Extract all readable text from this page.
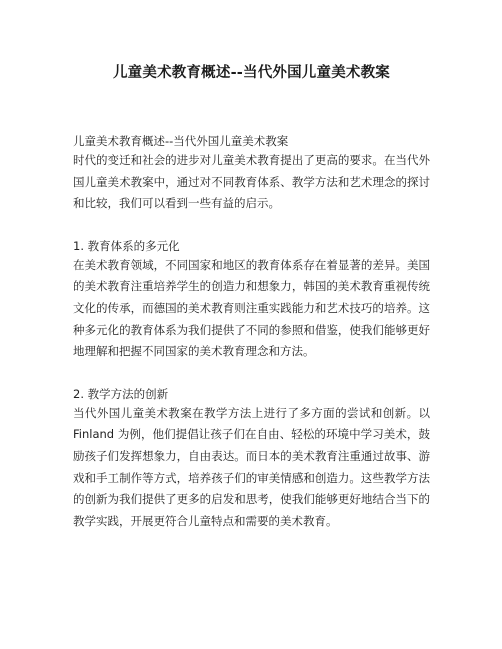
儿童美术教育概述--当代外国儿童美术教案
儿童美术教育概述--当代外国儿童美术教案

时代的变迁和社会的进步对儿童美术教育提出了更高的要求。在当代外国儿童美术教案中，通过对不同教育体系、教学方法和艺术理念的探讨和比较，我们可以看到一些有益的启示。

1. 教育体系的多元化

在美术教育领域，不同国家和地区的教育体系存在着显著的差异。美国的美术教育注重培养学生的创造力和想象力，韩国的美术教育重视传统文化的传承，而德国的美术教育则注重实践能力和艺术技巧的培养。这种多元化的教育体系为我们提供了不同的参照和借鉴，使我们能够更好地理解和把握不同国家的美术教育理念和方法。

2. 教学方法的创新

当代外国儿童美术教案在教学方法上进行了多方面的尝试和创新。以 Finland 为例，他们提倡让孩子们在自由、轻松的环境中学习美术，鼓励孩子们发挥想象力，自由表达。而日本的美术教育注重通过故事、游戏和手工制作等方式，培养孩子们的审美情感和创造力。这些教学方法的创新为我们提供了更多的启发和思考，使我们能够更好地结合当下的教学实践，开展更符合儿童特点和需要的美术教育。
